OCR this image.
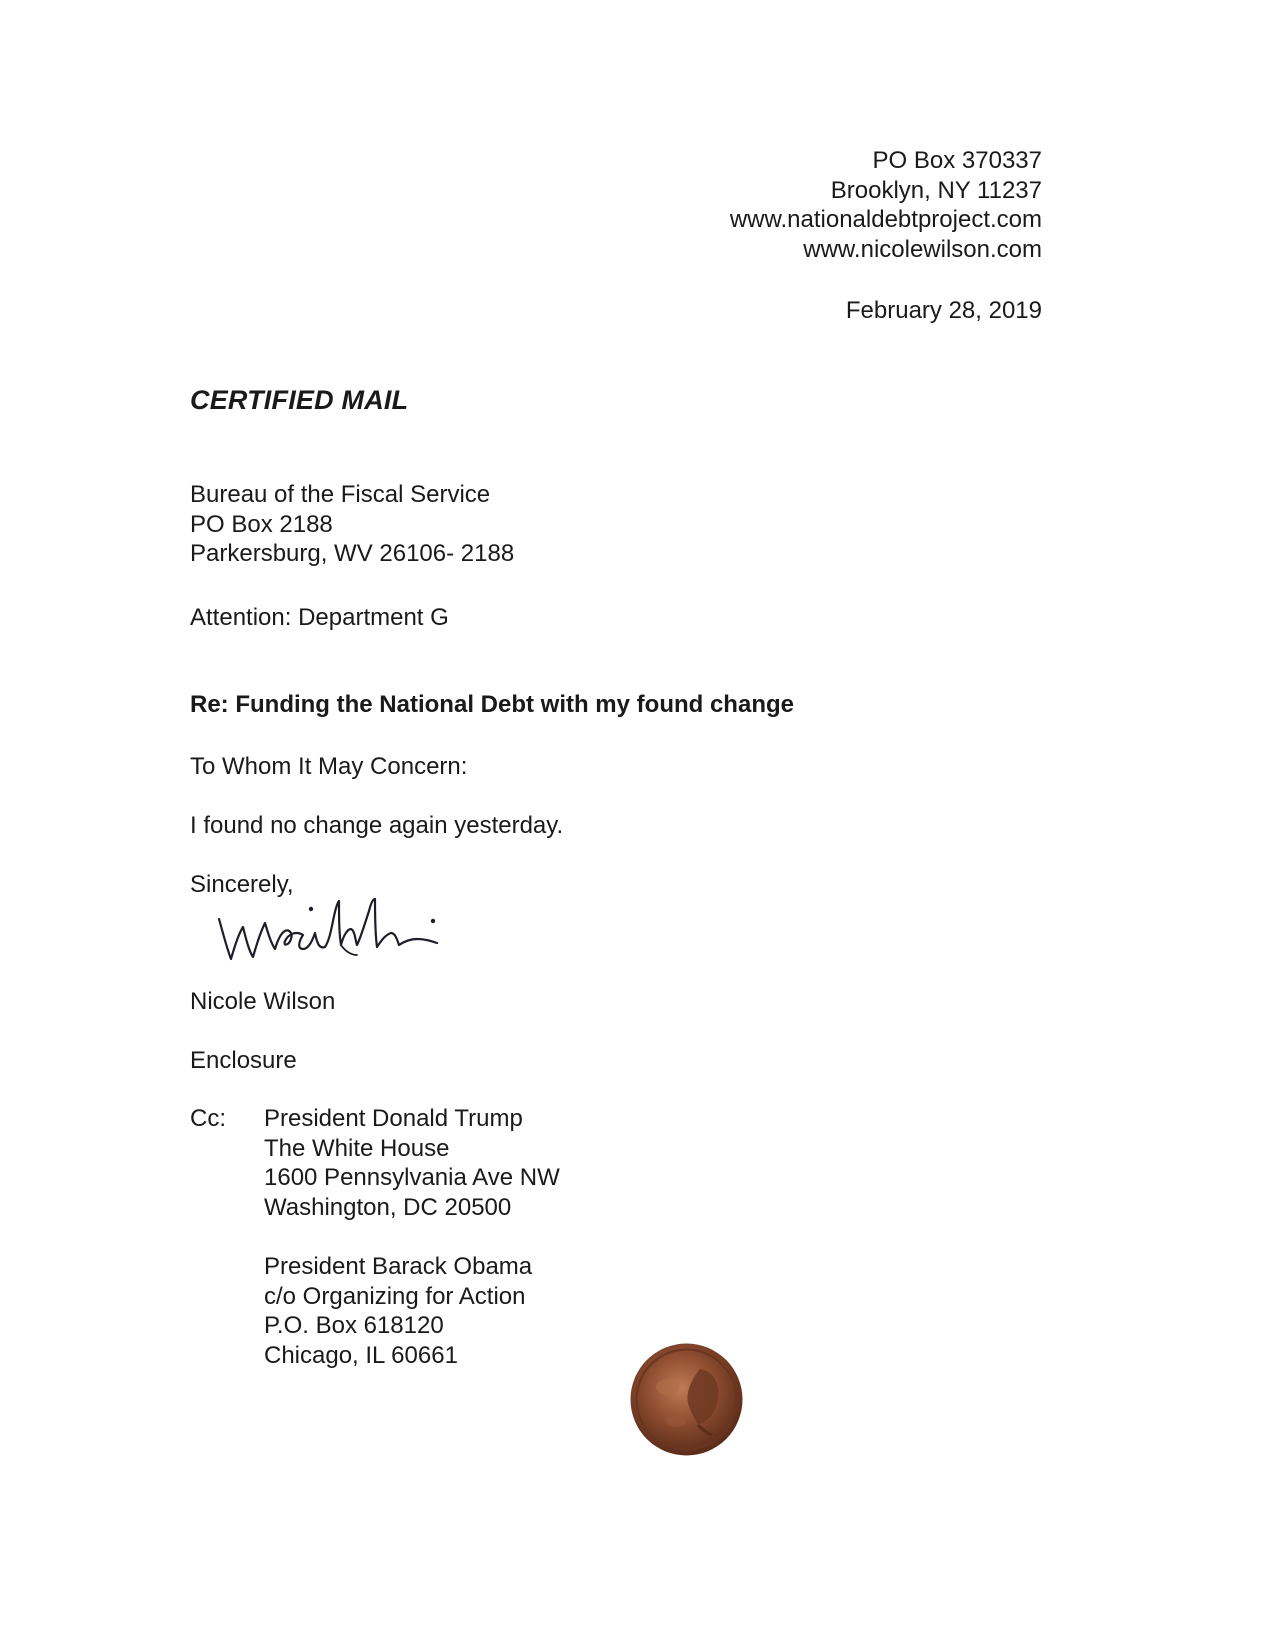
PO Box 370337
Brooklyn, NY 11237
www.nationaldebtproject.com
www.nicolewilson.com
February 28, 2019
CERTIFIED MAIL
Bureau of the Fiscal Service
PO Box 2188
Parkersburg, WV 26106- 2188
Attention: Department G
Re: Funding the National Debt with my found change
To Whom It May Concern:
I found no change again yesterday.
Sincerely,
Nicole Wilson
Enclosure
Cc: President Donald Trump
The White House
1600 Pennsylvania Ave NW
Washington, DC 20500
President Barack Obama
c/o Organizing for Action
P.O. Box 618120
Chicago, IL 60661
